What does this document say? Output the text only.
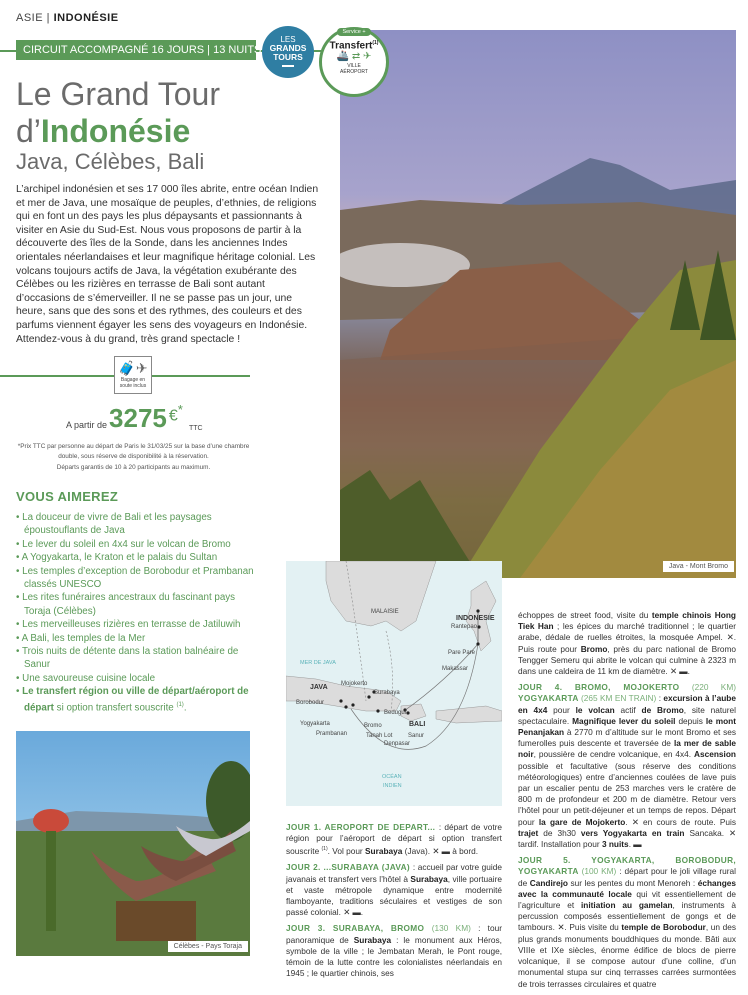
ASIE | INDONÉSIE
CIRCUIT ACCOMPAGNÉ 16 JOURS | 13 NUITS
LES
GRANDS
TOURS
Service +
Transfert$^{(1)}$
🚢 ⇄ ✈
VILLE
AÉROPORT
Le Grand Tour
d’Indonésie
Java, Célèbes, Bali
L’archipel indonésien et ses 17 000 îles abrite, entre océan Indien et mer de Java, une mosaïque de peuples, d’ethnies, de religions qui en font un des pays les plus dépaysants et passionnants à visiter en Asie du Sud-Est. Nous vous proposons de partir à la découverte des îles de la Sonde, dans les anciennes Indes orientales néerlandaises et leur magnifique héritage colonial. Les volcans toujours actifs de Java, la végétation exubérante des Célèbes ou les rizières en terrasse de Bali sont autant d’occasions de s’émerveiller. Il ne se passe pas un jour, une heure, sans que des sons et des rythmes, des couleurs et des parfums viennent égayer les sens des voyageurs en Indonésie. Attendez-vous à du grand, très grand spectacle !
Java - Mont Bromo
🧳✈
Bagage en
soute inclus
A partir de 3275 €*
TTC
*Prix TTC par personne au départ de Paris le 31/03/25 sur la base d’une chambre double, sous réserve de disponibilité à la réservation.
Départs garantis de 10 à 20 participants au maximum.
VOUS AIMEREZ
• La douceur de vivre de Bali et les paysages époustouflants de Java
• Le lever du soleil en 4x4 sur le volcan de Bromo
• A Yogyakarta, le Kraton et le palais du Sultan
• Les temples d’exception de Borobodur et Prambanan classés UNESCO
• Les rites funéraires ancestraux du fascinant pays Toraja (Célèbes)
• Les merveilleuses rizières en terrasse de Jatiluwih
• A Bali, les temples de la Mer
• Trois nuits de détente dans la station balnéaire de Sanur
• Une savoureuse cuisine locale
• Le transfert région ou ville de départ/aéroport de départ si option transfert souscrite $^{(1)}$.
Célèbes - Pays Toraja
MALAISIE
INDONESIE
MER DE JAVA
JAVA
BALI
Rantepao
Pare Pare
Makassar
Mojokerto
Surabaya
Borobodur
Yogyakarta
Prambanan
Bromo
Bedugul
Tanah Lot	Sanur
Denpasar
OCÉAN
INDIEN

JOUR 1. AEROPORT DE DEPART... : départ de votre région pour l’aéroport de départ si option transfert souscrite $^{(1)}$. Vol pour Surabaya (Java). ✕ ▬ à bord.

JOUR 2. ...SURABAYA (JAVA) : accueil par votre guide javanais et transfert vers l’hôtel à Surabaya, ville portuaire et vaste métropole dynamique entre modernité flamboyante, traditions séculaires et vestiges de son passé colonial. ✕ ▬.

JOUR 3. SURABAYA, BROMO (130 KM) : tour panoramique de Surabaya : le monument aux Héros, symbole de la ville ; le Jembatan Merah, le Pont rouge, témoin de la lutte contre les colonialistes néerlandais en 1945 ; le quartier chinois, ses

échoppes de street food, visite du temple chinois Hong Tiek Han ; les épices du marché traditionnel ; le quartier arabe, dédale de ruelles étroites, la mosquée Ampel. ✕. Puis route pour Bromo, près du parc national de Bromo Tengger Semeru qui abrite le volcan qui culmine à 2323 m dans une caldeira de 11 km de diamètre. ✕ ▬.

JOUR 4. BROMO, MOJOKERTO (220 KM) YOGYAKARTA (265 KM EN TRAIN) : excursion à l’aube en 4x4 pour le volcan actif de Bromo, site naturel spectaculaire. Magnifique lever du soleil depuis le mont Penanjakan à 2770 m d’altitude sur le mont Bromo et ses fumerolles puis descente et traversée de la mer de sable noir, poussière de cendre volcanique, en 4x4. Ascension possible et facultative (sous réserve des conditions météorologiques) entre d’anciennes coulées de lave puis par un escalier pentu de 253 marches vers le cratère de 800 m de profondeur et 200 m de diamètre. Retour vers l’hôtel pour un petit-déjeuner et un temps de repos. Départ pour la gare de Mojokerto. ✕ en cours de route. Puis trajet de 3h30 vers Yogyakarta en train Sancaka. ✕ tardif. Installation pour 3 nuits. ▬

JOUR 5. YOGYAKARTA, BOROBODUR, YOGYAKARTA (100 KM) : départ pour le joli village rural de Candirejo sur les pentes du mont Menoreh : échanges avec la communauté locale qui vit essentiellement de l’agriculture et initiation au gamelan, instruments à percussion composés essentiellement de gongs et de tambours. ✕. Puis visite du temple de Borobodur, un des plus grands monuments bouddhiques du monde. Bâti aux VIIIe et IXe siècles, énorme édifice de blocs de pierre volcanique, il se compose autour d’une colline, d’un monumental stupa sur cinq terrasses carrées surmontées de trois terrasses circulaires et quatre
